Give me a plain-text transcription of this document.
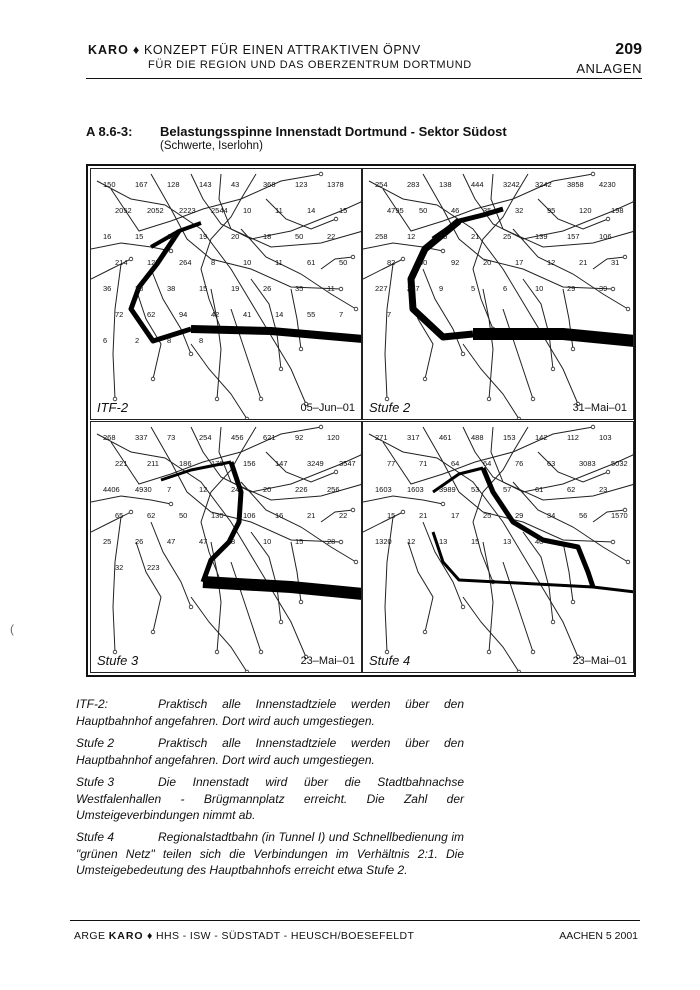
KARO ♦ KONZEPT FÜR EINEN ATTRAKTIVEN ÖPNV
FÜR DIE REGION UND DAS OBERZENTRUM DORTMUND
209
ANLAGEN
A 8.6-3: Belastungsspinne Innenstadt Dortmund - Sektor Südost
(Schwerte, Iserlohn)
150	167	128	143	43	368	123	1378
2052 2052 2223 2544 10	11	14	15
16	15	13	19	20	18	50	22
214	127	264	8	10	11	61	50
36	38	38	15	19	26	35	11
72	62	94	42	41	14	55	7
6	2	8	8
ITF-2	05–Jun–01
254	283	138	444	3242 3242 3858 4230
4795 50	46	35	32	95	120	198
258	12	15	21	25	139	157	106
82	60	92	20	17	12	21	31
227	247	9	5	6	10	29	39
7
Stufe 2	31–Mai–01
268	337	73	254	456	621	92	120
221	211	186	178	156	147	3249 3547
4406 4930 7	12	24	20	226	256
65	62	50	130	106	16	21	22
25	26	47	47	8	10	15	28
32	223
Stufe 3	23–Mai–01
271	317	461	488	153	142	112	103
77	71	64	64	76	63	3083 5032
1603 1603 3989 53	57	61	62	23
15	21	17	25	29	34	56	1570
1320 12	13	15	13	40
Stufe 4	23–Mai–01
ITF-2:	Praktisch alle Innenstadtziele werden über den Hauptbahnhof angefahren. Dort wird auch umgestiegen.
Stufe 2	Praktisch alle Innenstadtziele werden über den Hauptbahnhof angefahren. Dort wird auch umgestiegen.
Stufe 3	Die Innenstadt wird über die Stadtbahnachse Westfalenhallen - Brügmannplatz erreicht. Die Zahl der Umsteigeverbindungen nimmt ab.
Stufe 4	Regionalstadtbahn (in Tunnel I) und Schnellbedienung im "grünen Netz" teilen sich die Verbindungen im Verhältnis 2:1. Die Umsteigebedeutung des Hauptbahnhofs erreicht etwa Stufe 2.
ARGE KARO ♦ HHS - ISW - SÜDSTADT - HEUSCH/BOESEFELDT	AACHEN 5 2001
(
